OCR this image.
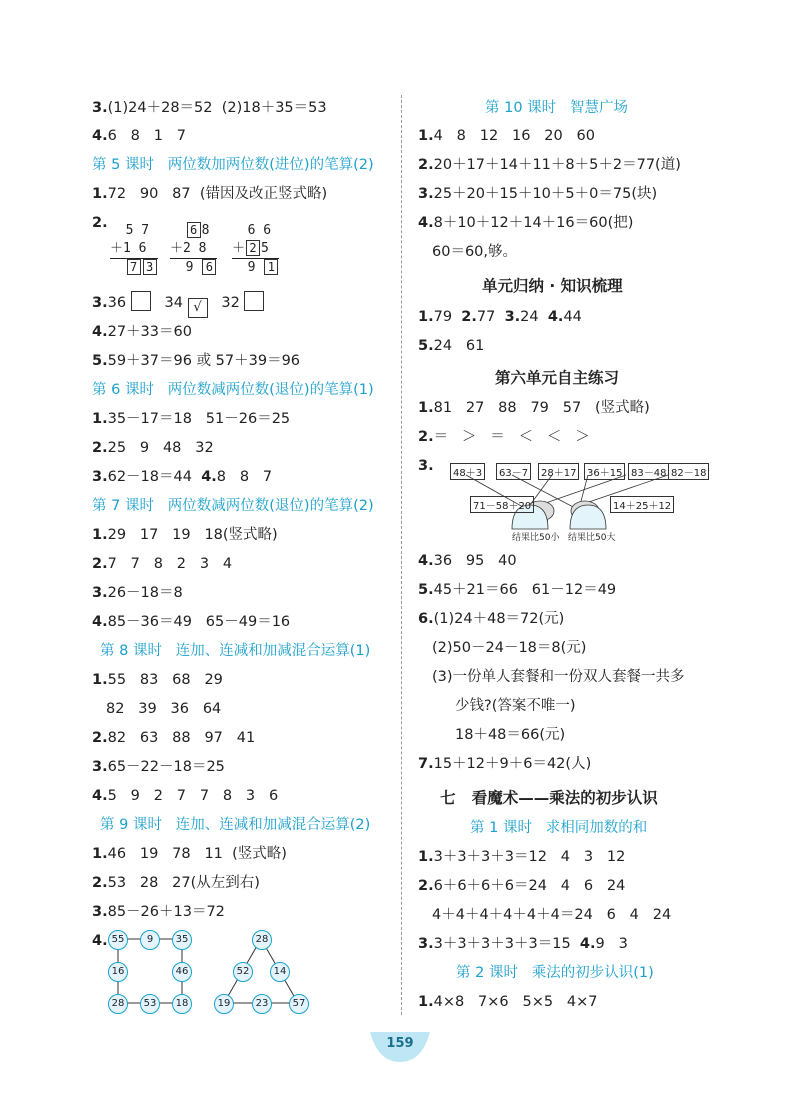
3.(1)24＋28＝52  (2)18＋35＝53
4.6   8   1   7
第 5 课时   两位数加两位数(进位)的笔算(2)
1.72   90   87  (错因及改正竖式略)
2. 5 7
＋1 6
7 3
6 8
＋2 8
9 6
6 6
＋ 2 5
9 1
3.36	34 √ 32
4.27＋33＝60
5.59＋37＝96 或 57＋39＝96
第 6 课时   两位数减两位数(退位)的笔算(1)
1.35－17＝18   51－26＝25
2.25   9   48   32
3.62－18＝44  4.8   8   7
第 7 课时   两位数减两位数(退位)的笔算(2)
1.29   17   19   18(竖式略)
2.7   7   8   2   3   4
3.26－18＝8
4.85－36＝49   65－49＝16
第 8 课时   连加、连减和加减混合运算(1)
1.55   83   68   29
82   39   36   64
2.82   63   88   97   41
3.65－22－18＝25
4.5   9   2   7   7   8   3   6
第 9 课时   连加、连减和加减混合运算(2)
1.46   19   78   11  (竖式略)
2.53   28   27(从左到右)
3.85－26＋13＝72
4. 55	9	35
16	46
28	53	18
28
52	14
19	23	57
第 10 课时   智慧广场
1.4   8   12   16   20   60
2.20＋17＋14＋11＋8＋5＋2＝77(道)
3.25＋20＋15＋10＋5＋0＝75(块)
4.8＋10＋12＋14＋16＝60(把)
60＝60,够。
单元归纳 · 知识梳理
1.79  2.77  3.24  4.44
5.24   61
第六单元自主练习
1.81   27   88   79   57   (竖式略)
2.＝   ＞   ＝   ＜   ＜   ＞
3.	48＋3	63－7	28＋17	36＋15 83－48 82－18
71－58＋20	14＋25＋12
结果比50小 结果比50大
4.36   95   40
5.45＋21＝66   61－12＝49
6.(1)24＋48＝72(元)
(2)50－24－18＝8(元)
(3)一份单人套餐和一份双人套餐一共多
少钱?(答案不唯一)
18＋48＝66(元)
7.15＋12＋9＋6＝42(人)
七   看魔术——乘法的初步认识
第 1 课时   求相同加数的和
1.3＋3＋3＋3＝12   4   3   12
2.6＋6＋6＋6＝24   4   6   24
4＋4＋4＋4＋4＋4＝24   6   4   24
3.3＋3＋3＋3＋3＝15  4.9   3
第 2 课时   乘法的初步认识(1)
1.4×8   7×6   5×5   4×7
159
